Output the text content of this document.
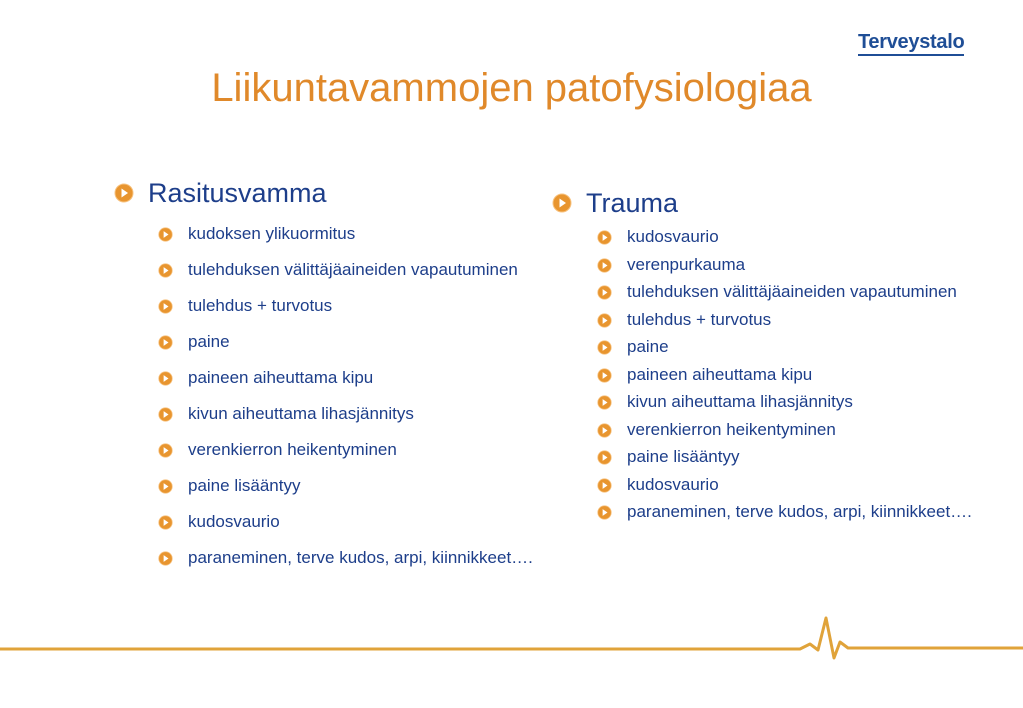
Terveystalo
Liikuntavammojen patofysiologiaa
Rasitusvamma
kudoksen ylikuormitus
tulehduksen välittäjäaineiden vapautuminen
tulehdus + turvotus
paine
paineen aiheuttama kipu
kivun aiheuttama lihasjännitys
verenkierron heikentyminen
paine lisääntyy
kudosvaurio
paraneminen, terve kudos, arpi, kiinnikkeet….
Trauma
kudosvaurio
verenpurkauma
tulehduksen välittäjäaineiden vapautuminen
tulehdus + turvotus
paine
paineen aiheuttama kipu
kivun aiheuttama lihasjännitys
verenkierron heikentyminen
paine lisääntyy
kudosvaurio
paraneminen, terve kudos, arpi, kiinnikkeet….
